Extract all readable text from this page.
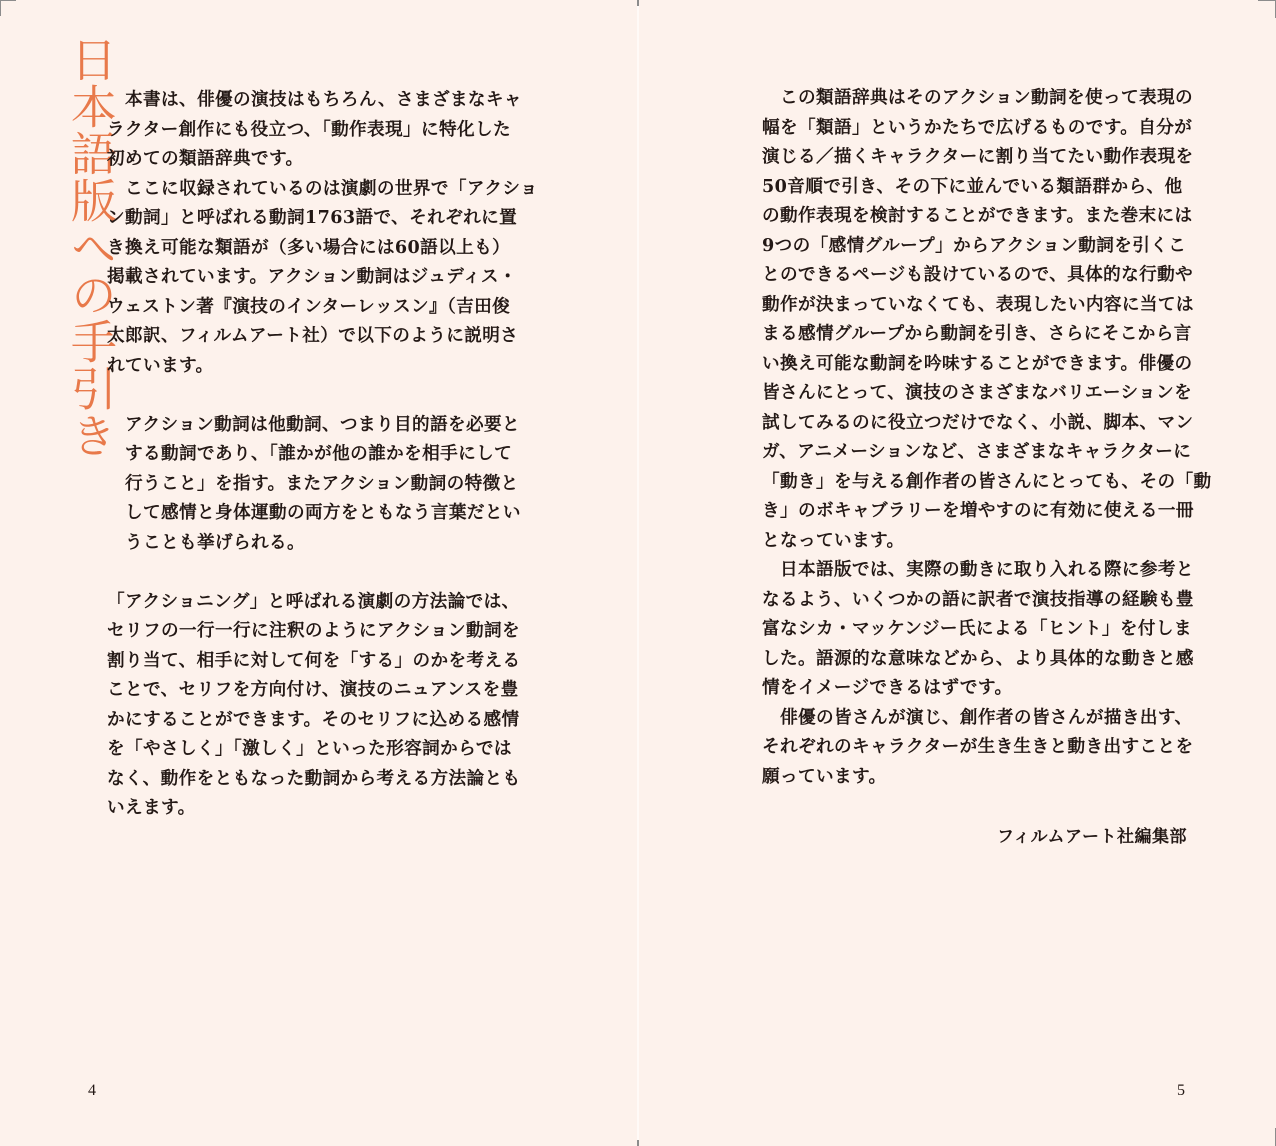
日本語版への手引き
　本書は、俳優の演技はもちろん、さまざまなキャ
ラクター創作にも役立つ、「動作表現」に特化した
初めての類語辞典です。
　ここに収録されているのは演劇の世界で「アクショ
ン動詞」と呼ばれる動詞1763語で、それぞれに置
き換え可能な類語が（多い場合には60語以上も）
掲載されています。アクション動詞はジュディス・
ウェストン著『演技のインターレッスン』（吉田俊
太郎訳、フィルムアート社）で以下のように説明さ
れています。
アクション動詞は他動詞、つまり目的語を必要と
する動詞であり、「誰かが他の誰かを相手にして
行うこと」を指す。またアクション動詞の特徴と
して感情と身体運動の両方をともなう言葉だとい
うことも挙げられる。
「アクショニング」と呼ばれる演劇の方法論では、
セリフの一行一行に注釈のようにアクション動詞を
割り当て、相手に対して何を「する」のかを考える
ことで、セリフを方向付け、演技のニュアンスを豊
かにすることができます。そのセリフに込める感情
を「やさしく」「激しく」といった形容詞からでは
なく、動作をともなった動詞から考える方法論とも
いえます。
4
　この類語辞典はそのアクション動詞を使って表現の
幅を「類語」というかたちで広げるものです。自分が
演じる／描くキャラクターに割り当てたい動作表現を
50音順で引き、その下に並んでいる類語群から、他
の動作表現を検討することができます。また巻末には
9つの「感情グループ」からアクション動詞を引くこ
とのできるページも設けているので、具体的な行動や
動作が決まっていなくても、表現したい内容に当ては
まる感情グループから動詞を引き、さらにそこから言
い換え可能な動詞を吟味することができます。俳優の
皆さんにとって、演技のさまざまなバリエーションを
試してみるのに役立つだけでなく、小説、脚本、マン
ガ、アニメーションなど、さまざまなキャラクターに
「動き」を与える創作者の皆さんにとっても、その「動
き」のボキャブラリーを増やすのに有効に使える一冊
となっています。
　日本語版では、実際の動きに取り入れる際に参考と
なるよう、いくつかの語に訳者で演技指導の経験も豊
富なシカ・マッケンジー氏による「ヒント」を付しま
した。語源的な意味などから、より具体的な動きと感
情をイメージできるはずです。
　俳優の皆さんが演じ、創作者の皆さんが描き出す、
それぞれのキャラクターが生き生きと動き出すことを
願っています。
フィルムアート社編集部
5
